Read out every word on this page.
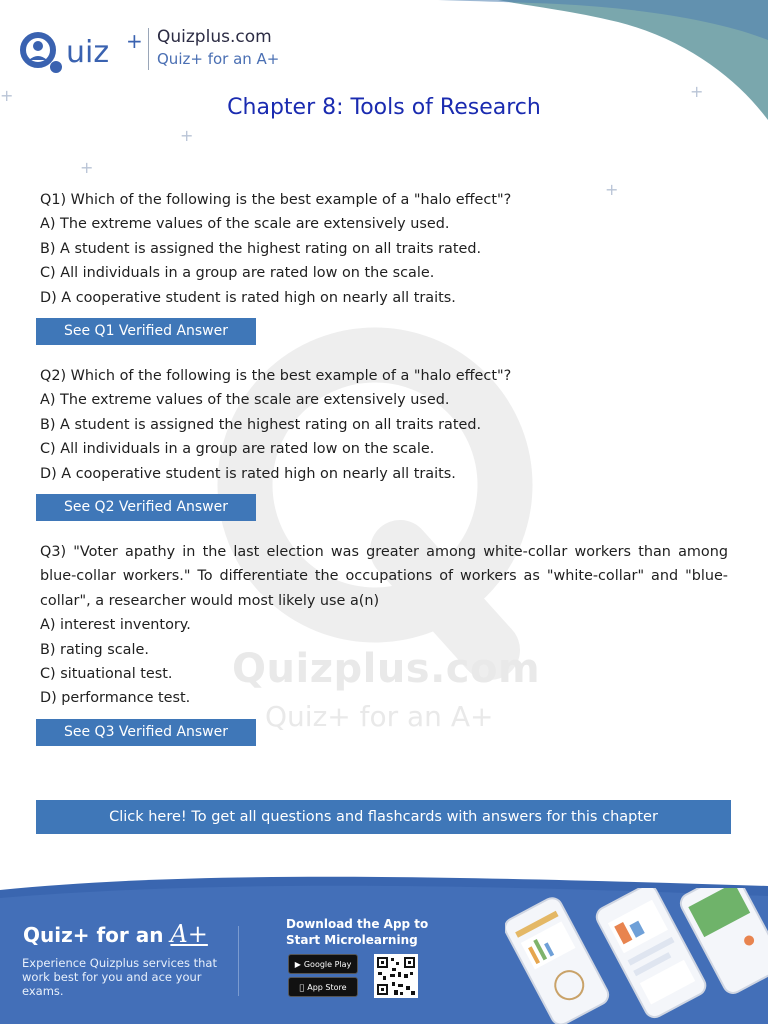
Quizplus.com
Quiz+ for an A+
+
+
+
+
+
uiz + Quizplus.com
Quiz+ for an A+
Chapter 8: Tools of Research

Q1) Which of the following is the best example of a "halo effect"?

A) The extreme values of the scale are extensively used.

B) A student is assigned the highest rating on all traits rated.

C) All individuals in a group are rated low on the scale.

D) A cooperative student is rated high on nearly all traits.

See Q1 Verified Answer

Q2) Which of the following is the best example of a "halo effect"?

A) The extreme values of the scale are extensively used.

B) A student is assigned the highest rating on all traits rated.

C) All individuals in a group are rated low on the scale.

D) A cooperative student is rated high on nearly all traits.

See Q2 Verified Answer

Q3) "Voter apathy in the last election was greater among white-collar workers than among blue-collar workers." To differentiate the occupations of workers as "white-collar" and "blue-collar", a researcher would most likely use a(n)

A) interest inventory.

B) rating scale.

C) situational test.

D) performance test.

See Q3 Verified Answer
Click here! To get all questions and flashcards with answers for this chapter
Quiz+ for an A+
Experience Quizplus services that work best for you and ace your exams.
Download the App to Start Microlearning
▶ Google Play
App Store
